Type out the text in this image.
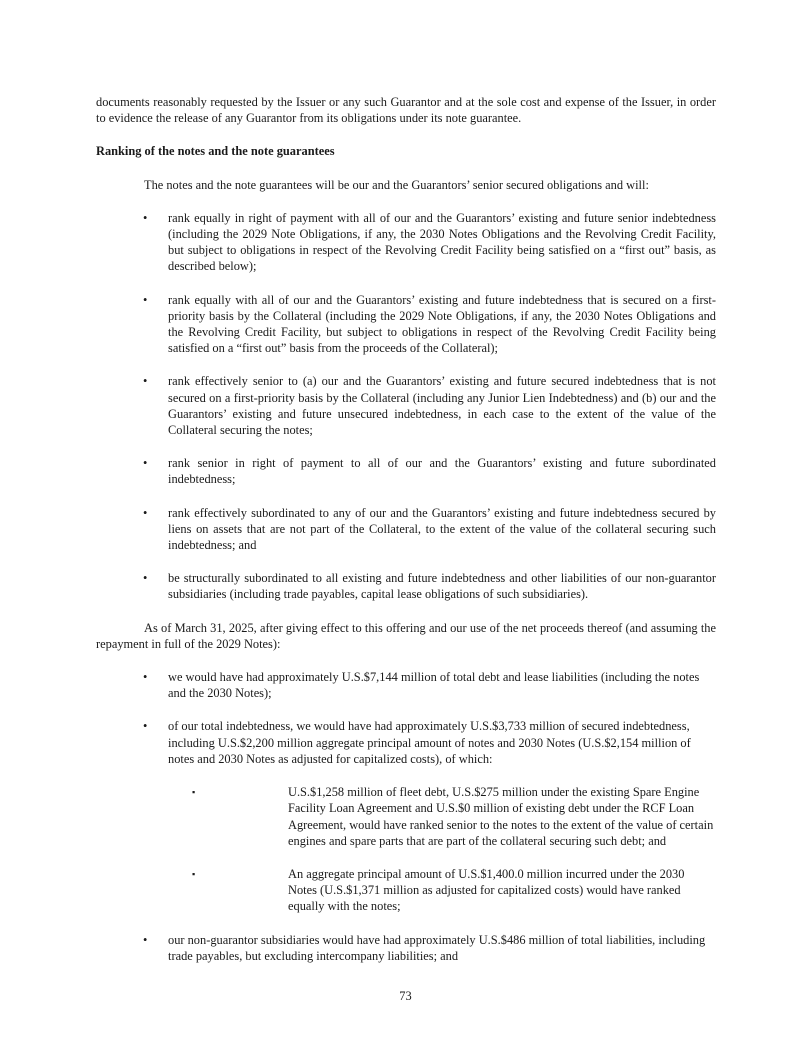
documents reasonably requested by the Issuer or any such Guarantor and at the sole cost and expense of the Issuer, in order to evidence the release of any Guarantor from its obligations under its note guarantee.

Ranking of the notes and the note guarantees

The notes and the note guarantees will be our and the Guarantors’ senior secured obligations and will:

• rank equally in right of payment with all of our and the Guarantors’ existing and future senior indebtedness (including the 2029 Note Obligations, if any, the 2030 Notes Obligations and the Revolving Credit Facility, but subject to obligations in respect of the Revolving Credit Facility being satisfied on a “first out” basis, as described below);
• rank equally with all of our and the Guarantors’ existing and future indebtedness that is secured on a first-priority basis by the Collateral (including the 2029 Note Obligations, if any, the 2030 Notes Obligations and the Revolving Credit Facility, but subject to obligations in respect of the Revolving Credit Facility being satisfied on a “first out” basis from the proceeds of the Collateral);
• rank effectively senior to (a) our and the Guarantors’ existing and future secured indebtedness that is not secured on a first-priority basis by the Collateral (including any Junior Lien Indebtedness) and (b) our and the Guarantors’ existing and future unsecured indebtedness, in each case to the extent of the value of the Collateral securing the notes;
• rank senior in right of payment to all of our and the Guarantors’ existing and future subordinated indebtedness;
• rank effectively subordinated to any of our and the Guarantors’ existing and future indebtedness secured by liens on assets that are not part of the Collateral, to the extent of the value of the collateral securing such indebtedness; and
• be structurally subordinated to all existing and future indebtedness and other liabilities of our non-guarantor subsidiaries (including trade payables, capital lease obligations of such subsidiaries).

As of March 31, 2025, after giving effect to this offering and our use of the net proceeds thereof (and assuming the repayment in full of the 2029 Notes):

• we would have had approximately U.S.$7,144 million of total debt and lease liabilities (including the notes and the 2030 Notes);
• of our total indebtedness, we would have had approximately U.S.$3,733 million of secured indebtedness, including U.S.$2,200 million aggregate principal amount of notes and 2030 Notes (U.S.$2,154 million of notes and 2030 Notes as adjusted for capitalized costs), of which:
▪	U.S.$1,258 million of fleet debt, U.S.$275 million under the existing Spare Engine Facility Loan Agreement and U.S.$0 million of existing debt under the RCF Loan Agreement, would have ranked senior to the notes to the extent of the value of certain engines and spare parts that are part of the collateral securing such debt; and
▪	An aggregate principal amount of U.S.$1,400.0 million incurred under the 2030 Notes (U.S.$1,371 million as adjusted for capitalized costs) would have ranked equally with the notes;
• our non-guarantor subsidiaries would have had approximately U.S.$486 million of total liabilities, including trade payables, but excluding intercompany liabilities; and
73
